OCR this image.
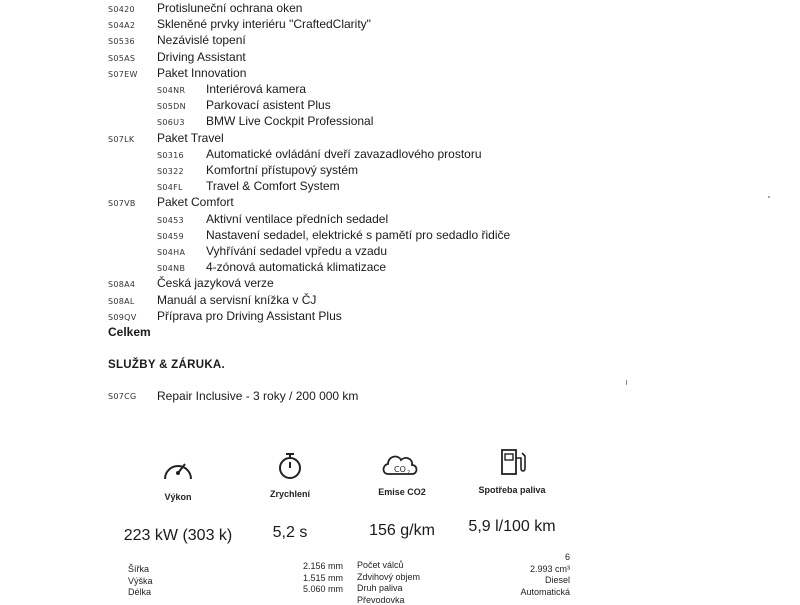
S0420 Protisluneční ochrana oken
S04A2 Skleněné prvky interiéru "CraftedClarity"
S0536 Nezávislé topení
S05AS Driving Assistant
S07EW Paket Innovation
S04NR Interiérová kamera
S05DN Parkovací asistent Plus
S06U3 BMW Live Cockpit Professional
S07LK Paket Travel
S0316 Automatické ovládání dveří zavazadlového prostoru
S0322 Komfortní přístupový systém
S04FL Travel & Comfort System
S07VB Paket Comfort
S0453 Aktivní ventilace předních sedadel
S0459 Nastavení sedadel, elektrické s pamětí pro sedadlo řidiče
S04HA Vyhřívání sedadel vpředu a vzadu
S04NB 4-zónová automatická klimatizace
S08A4 Česká jazyková verze
S08AL Manuál a servisní knížka v ČJ
S09QV Příprava pro Driving Assistant Plus
Celkem
SLUŽBY & ZÁRUKA.
S07CG Repair Inclusive - 3 roky / 200 000 km
CO 2
Výkon	Zrychlení	Emise CO2	Spotřeba paliva
223 kW (303 k)	5,2 s	156 g/km	5,9 l/100 km
Šířka	2.156 mm
Výška	1.515 mm
Délka	5.060 mm
Počet válců
6
Zdvihový objem
2.993 cm³
Druh paliva
Diesel
Převodovka
Automatická
